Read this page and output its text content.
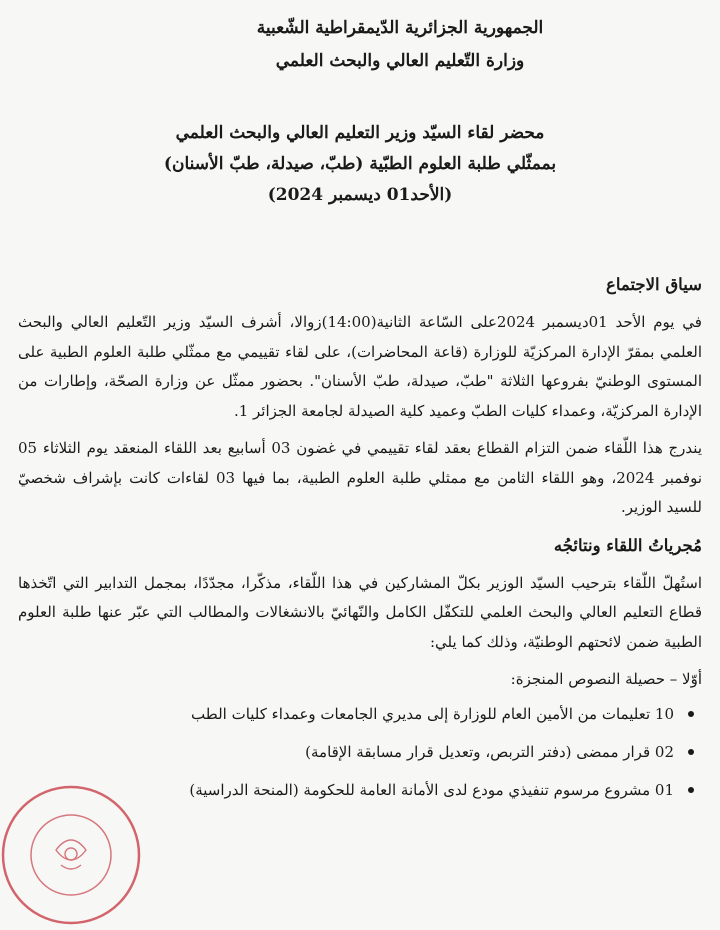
الجمهورية الجزائرية الدّيمقراطية الشّعبية
وزارة التّعليم العالي والبحث العلمي
محضر لقاء السيّد وزير التعليم العالي والبحث العلمي
بممثّلي طلبة العلوم الطبّية (طبّ، صيدلة، طبّ الأسنان)
(الأحد01 ديسمبر 2024)

سياق الاجتماع

في يوم الأحد 01ديسمبر 2024على السّاعة الثانية(14:00)زوالا، أشرف السيّد وزير التّعليم العالي والبحث العلمي بمقرّ الإدارة المركزيّة للوزارة (قاعة المحاضرات)، على لقاء تقييمي مع ممثّلي طلبة العلوم الطبية على المستوى الوطنيّ بفروعها الثلاثة "طبّ، صيدلة، طبّ الأسنان". بحضور ممثّل عن وزارة الصحّة، وإطارات من الإدارة المركزيّة، وعمداء كليات الطبّ وعميد كلية الصيدلة لجامعة الجزائر 1.

يندرج هذا اللّقاء ضمن التزام القطاع بعقد لقاء تقييمي في غضون 03 أسابيع بعد اللقاء المنعقد يوم الثلاثاء 05 نوفمبر 2024، وهو اللقاء الثامن مع ممثلي طلبة العلوم الطبية، بما فيها 03 لقاءات كانت بإشراف شخصيّ للسيد الوزير.

مُجرياتُ اللقاء ونتائجُه

استُهلّ اللّقاء بترحيب السيّد الوزير بكلّ المشاركين في هذا اللّقاء، مذكّرا، مجدّدًا، بمجمل التدابير التي اتّخذها قطاع التعليم العالي والبحث العلمي للتكفّل الكامل والنّهائيّ بالانشغالات والمطالب التي عبّر عنها طلبة العلوم الطبية ضمن لائحتهم الوطنيّة، وذلك كما يلي:

أوّلا – حصيلة النصوص المنجزة:

10 تعليمات من الأمين العام للوزارة إلى مديري الجامعات وعمداء كليات الطب
02 قرار ممضى (دفتر التربص، وتعديل قرار مسابقة الإقامة)
01 مشروع مرسوم تنفيذي مودع لدى الأمانة العامة للحكومة (المنحة الدراسية)
